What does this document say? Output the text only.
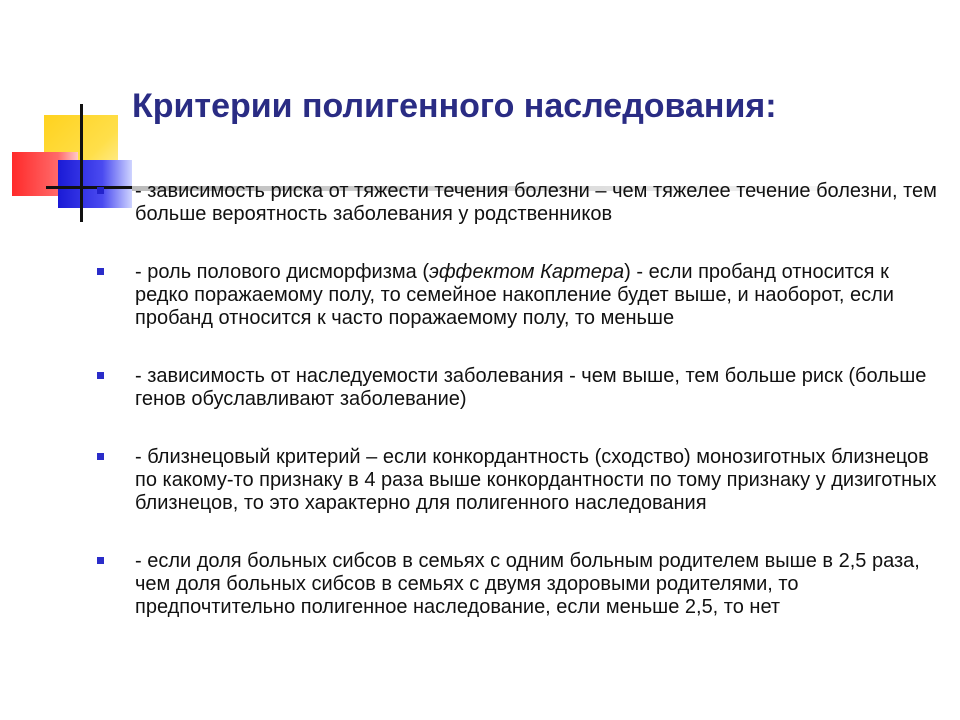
Критерии полигенного наследования:
- зависимость риска от тяжести течения болезни – чем тяжелее течение болезни, тем больше вероятность заболевания у родственников
- роль полового дисморфизма (эффектом Картера) - если пробанд относится к редко поражаемому полу, то семейное накопление будет выше, и наоборот, если пробанд относится к часто поражаемому полу, то меньше
- зависимость от наследуемости заболевания - чем выше, тем больше риск (больше генов обуславливают заболевание)
- близнецовый критерий – если конкордантность (сходство) монозиготных близнецов по какому-то признаку в 4 раза выше конкордантности по тому признаку у дизиготных близнецов, то это характерно для полигенного наследования
- если доля больных сибсов в семьях с одним больным родителем выше в 2,5 раза, чем доля больных сибсов в семьях с двумя здоровыми родителями, то предпочтительно полигенное наследование, если меньше 2,5, то нет
